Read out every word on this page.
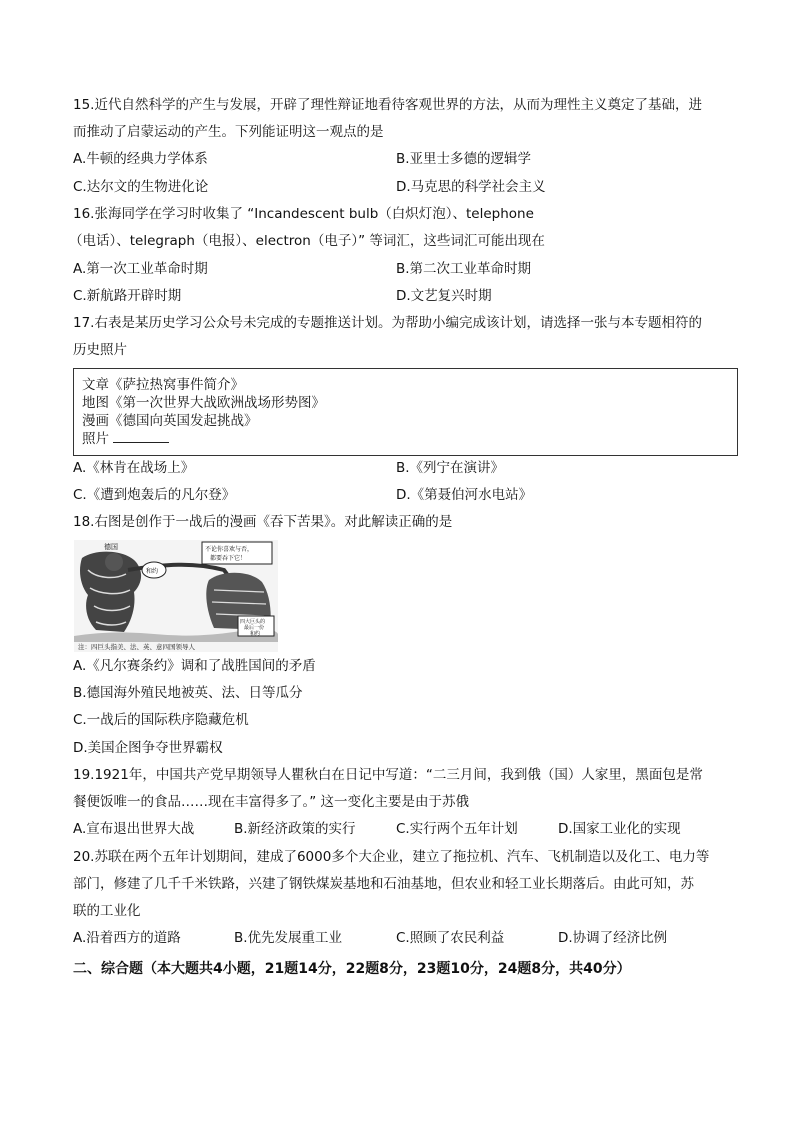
15.近代自然科学的产生与发展，开辟了理性辩证地看待客观世界的方法，从而为理性主义奠定了基础，进
而推动了启蒙运动的产生。下列能证明这一观点的是
A.牛顿的经典力学体系	B.亚里士多德的逻辑学
C.达尔文的生物进化论	D.马克思的科学社会主义
16.张海同学在学习时收集了 “Incandescent bulb（白炽灯泡）、telephone
（电话）、telegraph（电报）、electron（电子）” 等词汇，这些词汇可能出现在
A.第一次工业革命时期	B.第二次工业革命时期
C.新航路开辟时期	D.文艺复兴时期
17.右表是某历史学习公众号未完成的专题推送计划。为帮助小编完成该计划，请选择一张与本专题相符的
历史照片
文章《萨拉热窝事件简介》
地图《第一次世界大战欧洲战场形势图》
漫画《德国向英国发起挑战》
照片
A.《林肯在战场上》	B.《列宁在演讲》
C.《遭到炮轰后的凡尔登》	D.《第聂伯河水电站》
18.右图是创作于一战后的漫画《吞下苦果》。对此解读正确的是
德国
和约
不论你喜欢与否，
都要吞下它！
四大巨头的
最后一份
和约
注：四巨头指美、法、英、意四国领导人
A.《凡尔赛条约》调和了战胜国间的矛盾
B.德国海外殖民地被英、法、日等瓜分
C.一战后的国际秩序隐藏危机
D.美国企图争夺世界霸权
19.1921年，中国共产党早期领导人瞿秋白在日记中写道：“二三月间，我到俄（国）人家里，黑面包是常
餐便饭唯一的食品……现在丰富得多了。” 这一变化主要是由于苏俄
A.宣布退出世界大战	B.新经济政策的实行	C.实行两个五年计划	D.国家工业化的实现
20.苏联在两个五年计划期间，建成了6000多个大企业，建立了拖拉机、汽车、飞机制造以及化工、电力等
部门，修建了几千千米铁路，兴建了钢铁煤炭基地和石油基地，但农业和轻工业长期落后。由此可知，苏
联的工业化
A.沿着西方的道路	B.优先发展重工业	C.照顾了农民利益	D.协调了经济比例
二、综合题（本大题共4小题，21题14分，22题8分，23题10分，24题8分，共40分）
